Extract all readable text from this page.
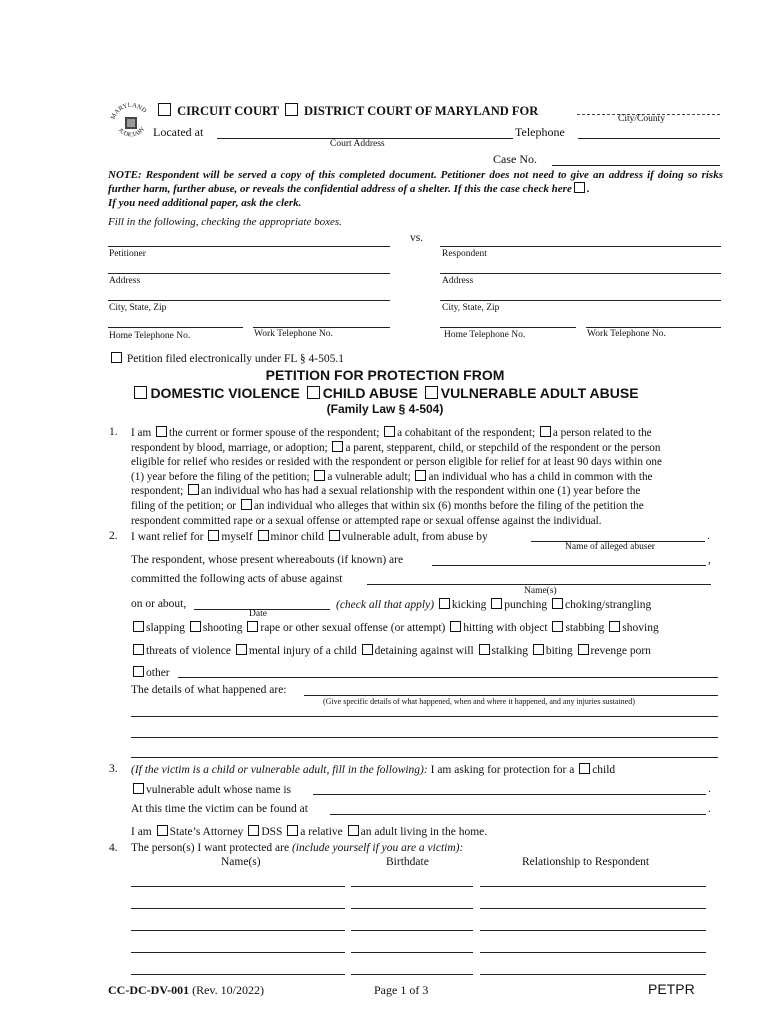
MARYLAND
JUDICIARY
CIRCUIT COURT DISTRICT COURT OF MARYLAND FOR
City/County
Located at
Court Address
Telephone
Case No.
NOTE: Respondent will be served a copy of this completed document. Petitioner does not need to give an address if doing so risks further harm, further abuse, or reveals the confidential address of a shelter. If this the case check here .
If you need additional paper, ask the clerk.
Fill in the following, checking the appropriate boxes.
vs.
Petitioner	Respondent
Address	Address
City, State, Zip	City, State, Zip
Home Telephone No.	Work Telephone No.	Home Telephone No.	Work Telephone No.
Petition filed electronically under FL § 4-505.1
PETITION FOR PROTECTION FROM
DOMESTIC VIOLENCE CHILD ABUSE VULNERABLE ADULT ABUSE
(Family Law § 4-504)
1. I am the current or former spouse of the respondent; a cohabitant of the respondent; a person related to the
respondent by blood, marriage, or adoption; a parent, stepparent, child, or stepchild of the respondent or the person
eligible for relief who resides or resided with the respondent or person eligible for relief for at least 90 days within one
(1) year before the filing of the petition; a vulnerable adult; an individual who has a child in common with the
respondent; an individual who has had a sexual relationship with the respondent within one (1) year before the
filing of the petition; or an individual who alleges that within six (6) months before the filing of the petition the
respondent committed rape or a sexual offense or attempted rape or sexual offense against the individual.
2. I want relief for myself minor child vulnerable adult, from abuse by	.
Name of alleged abuser
The respondent, whose present whereabouts (if known) are	,
committed the following acts of abuse against
Name(s)
on or about,
Date
(check all that apply) kicking punching choking/strangling
slapping shooting rape or other sexual offense (or attempt) hitting with object stabbing shoving
threats of violence mental injury of a child detaining against will stalking biting revenge porn
other
The details of what happened are:
(Give specific details of what happened, when and where it happened, and any injuries sustained)
3. (If the victim is a child or vulnerable adult, fill in the following): I am asking for protection for a child
vulnerable adult whose name is	.
At this time the victim can be found at	.
I am State’s Attorney DSS a relative an adult living in the home.
4. The person(s) I want protected are (include yourself if you are a victim):
Name(s)	Birthdate	Relationship to Respondent
CC-DC-DV-001 (Rev. 10/2022)	Page 1 of 3	PETPR
